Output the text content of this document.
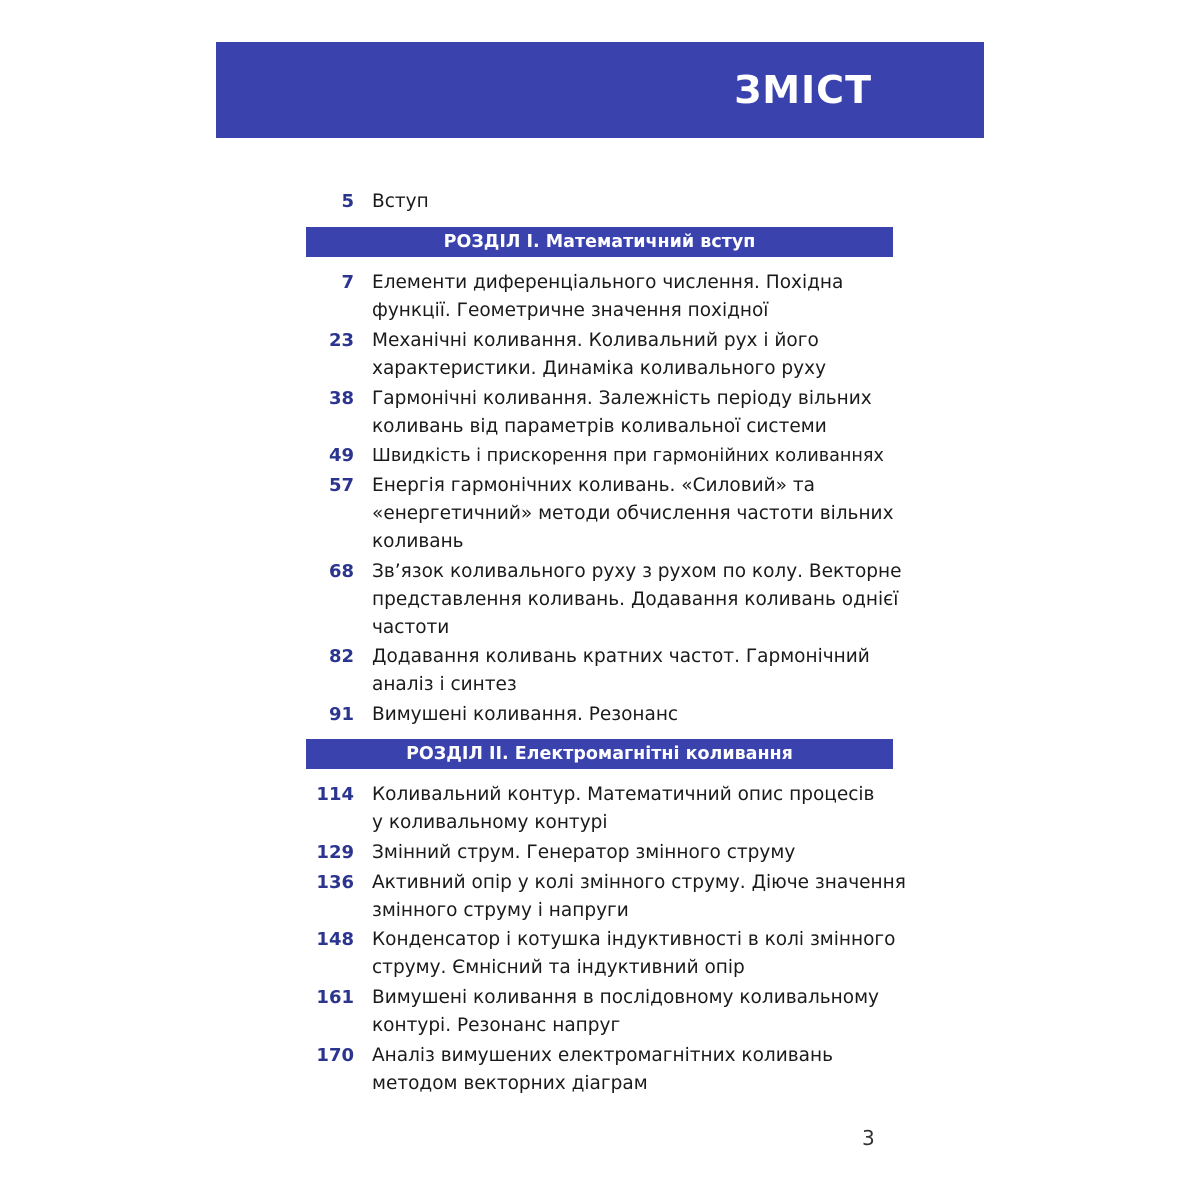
ЗМІСТ
5 Вступ
РОЗДІЛ І. Математичний вступ
7 Елементи диференціального числення. Похідна
функції. Геометричне значення похідної
23 Механічні коливання. Коливальний рух і його
характеристики. Динаміка коливального руху
38 Гармонічні коливання. Залежність періоду вільних
коливань від параметрів коливальної системи
49 Швидкість і прискорення при гармонійних коливаннях
57 Енергія гармонічних коливань. «Силовий» та
«енергетичний» методи обчислення частоти вільних
коливань
68 Зв’язок коливального руху з рухом по колу. Векторне
представлення коливань. Додавання коливань однієї
частоти
82 Додавання коливань кратних частот. Гармонічний
аналіз і синтез
91 Вимушені коливання. Резонанс
РОЗДІЛ ІІ. Електромагнітні коливання
114 Коливальний контур. Математичний опис процесів
у коливальному контурі
129 Змінний струм. Генератор змінного струму
136 Активний опір у колі змінного струму. Діюче значення
змінного струму і напруги
148 Конденсатор і котушка індуктивності в колі змінного
струму. Ємнісний та індуктивний опір
161 Вимушені коливання в послідовному коливальному
контурі. Резонанс напруг
170 Аналіз вимушених електромагнітних коливань
методом векторних діаграм
3
